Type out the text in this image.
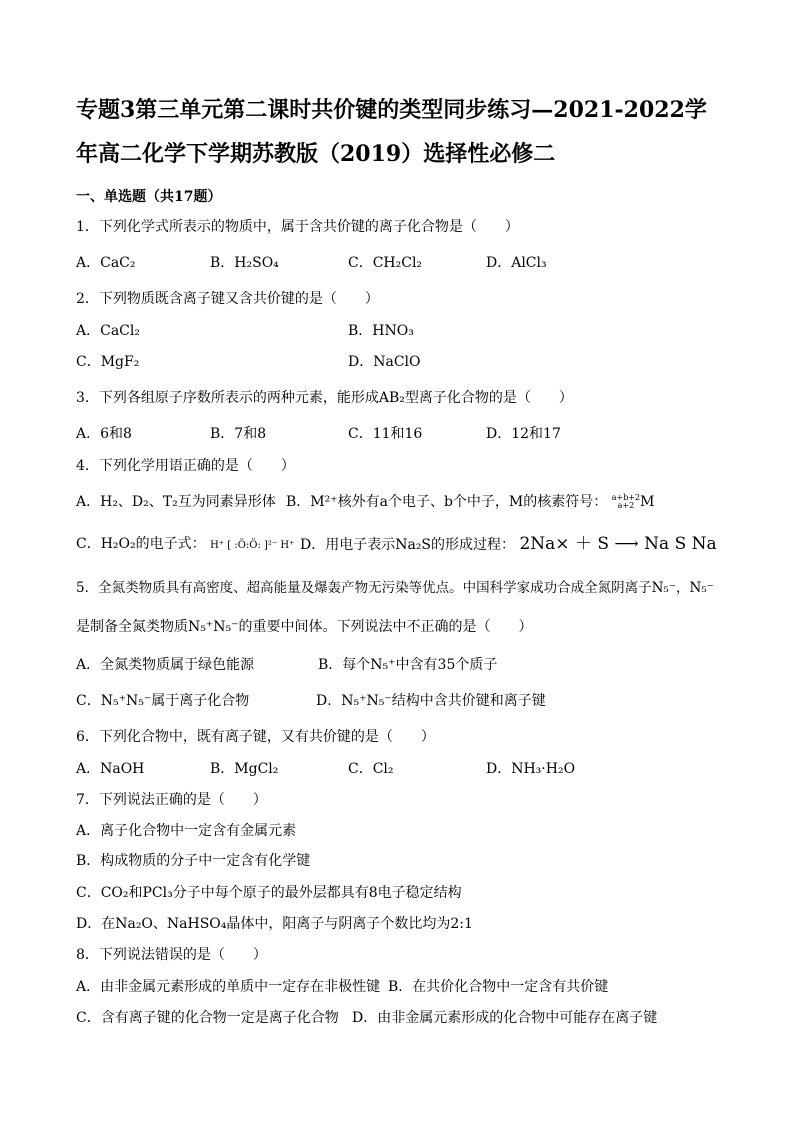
专题3第三单元第二课时共价键的类型同步练习—2021-2022学年高二化学下学期苏教版（2019）选择性必修二
一、单选题（共17题）
1．下列化学式所表示的物质中，属于含共价键的离子化合物是（　　）
A．CaC₂	B．H₂SO₄	C．CH₂Cl₂	D．AlCl₃
2．下列物质既含离子键又含共价键的是（　　）
A．CaCl₂	B．HNO₃
C．MgF₂	D．NaClO
3．下列各组原子序数所表示的两种元素，能形成AB₂型离子化合物的是（　　）
A．6和8	B．7和8	C．11和16	D．12和17
4．下列化学用语正确的是（　　）
A．H₂、D₂、T₂互为同素异形体 B．M²⁺核外有a个电子、b个中子，M的核素符号： a+b+2
a+2 M
C．H₂O₂的电子式： H⁺ [ :Ö:Ö: ]²⁻ H⁺ D．用电子表示Na₂S的形成过程： 2Na× ＋ S ⟶ Na S Na
5．全氮类物质具有高密度、超高能量及爆轰产物无污染等优点。中国科学家成功合成全氮阴离子N₅⁻，N₅⁻
是制备全氮类物质N₅⁺N₅⁻的重要中间体。下列说法中不正确的是（　　）
A．全氮类物质属于绿色能源	B．每个N₅⁺中含有35个质子
C．N₅⁺N₅⁻属于离子化合物	D．N₅⁺N₅⁻结构中含共价键和离子键
6．下列化合物中，既有离子键，又有共价键的是（　　）
A．NaOH	B．MgCl₂	C．Cl₂	D．NH₃·H₂O
7．下列说法正确的是（　　）
A．离子化合物中一定含有金属元素
B．构成物质的分子中一定含有化学键
C．CO₂和PCl₃分子中每个原子的最外层都具有8电子稳定结构
D．在Na₂O、NaHSO₄晶体中，阳离子与阴离子个数比均为2:1
8．下列说法错误的是（　　）
A．由非金属元素形成的单质中一定存在非极性键 B．在共价化合物中一定含有共价键
C．含有离子键的化合物一定是离子化合物 D．由非金属元素形成的化合物中可能存在离子键
